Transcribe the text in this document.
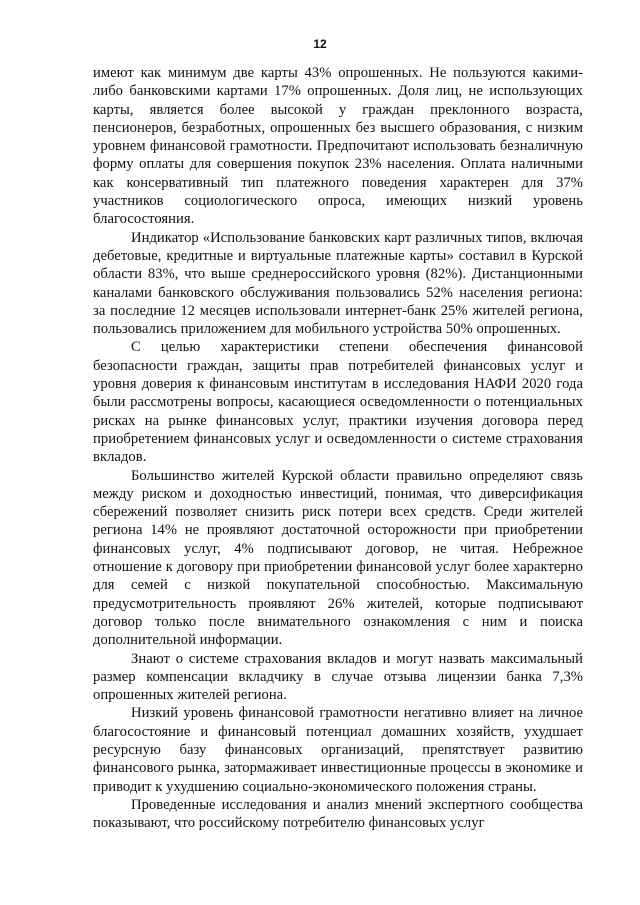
12

имеют как минимум две карты 43% опрошенных. Не пользуются какими-либо банковскими картами 17% опрошенных. Доля лиц, не использующих карты, является более высокой у граждан преклонного возраста, пенсионеров, безработных, опрошенных без высшего образования, с низким уровнем финансовой грамотности. Предпочитают использовать безналичную форму оплаты для совершения покупок 23% населения. Оплата наличными как консервативный тип платежного поведения характерен для 37% участников социологического опроса, имеющих низкий уровень благосостояния.

Индикатор «Использование банковских карт различных типов, включая дебетовые, кредитные и виртуальные платежные карты» составил в Курской области 83%, что выше среднероссийского уровня (82%). Дистанционными каналами банковского обслуживания пользовались 52% населения региона: за последние 12 месяцев использовали интернет-банк 25% жителей региона, пользовались приложением для мобильного устройства 50% опрошенных.

С целью характеристики степени обеспечения финансовой безопасности граждан, защиты прав потребителей финансовых услуг и уровня доверия к финансовым институтам в исследования НАФИ 2020 года были рассмотрены вопросы, касающиеся осведомленности о потенциальных рисках на рынке финансовых услуг, практики изучения договора перед приобретением финансовых услуг и осведомленности о системе страхования вкладов.

Большинство жителей Курской области правильно определяют связь между риском и доходностью инвестиций, понимая, что диверсификация сбережений позволяет снизить риск потери всех средств. Среди жителей региона 14% не проявляют достаточной осторожности при приобретении финансовых услуг, 4% подписывают договор, не читая. Небрежное отношение к договору при приобретении финансовой услуг более характерно для семей с низкой покупательной способностью. Максимальную предусмотрительность проявляют 26% жителей, которые подписывают договор только после внимательного ознакомления с ним и поиска дополнительной информации.

Знают о системе страхования вкладов и могут назвать максимальный размер компенсации вкладчику в случае отзыва лицензии банка 7,3% опрошенных жителей региона.

Низкий уровень финансовой грамотности негативно влияет на личное благосостояние и финансовый потенциал домашних хозяйств, ухудшает ресурсную базу финансовых организаций, препятствует развитию финансового рынка, затормаживает инвестиционные процессы в экономике и приводит к ухудшению социально-экономического положения страны.

Проведенные исследования и анализ мнений экспертного сообщества показывают, что российскому потребителю финансовых услуг
